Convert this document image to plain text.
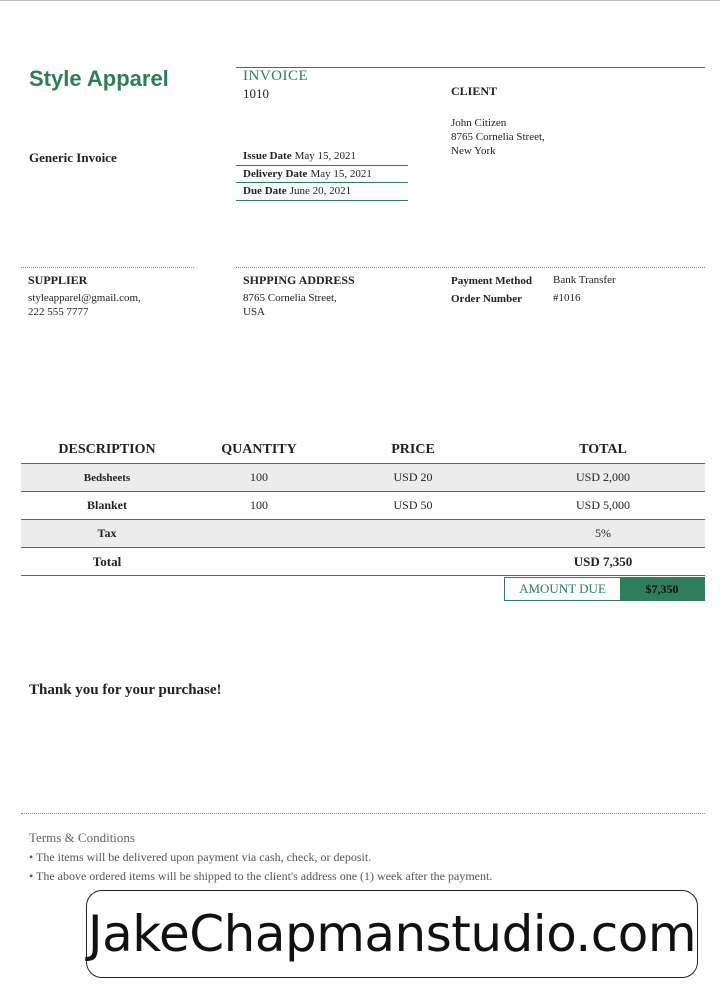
Style Apparel	INVOICE
1010	CLIENT
John Citizen
8765 Cornelia Street,
New York
Generic Invoice	Issue Date May 15, 2021
Delivery Date May 15, 2021
Due Date June 20, 2021
SUPPLIER
styleapparel@gmail.com,
222 555 7777
SHPPING ADDRESS
8765 Cornelia Street,
USA
Payment Method Bank Transfer
Order Number	#1016
DESCRIPTION	QUANTITY	PRICE	TOTAL
Bedsheets	100	USD 20	USD 2,000
Blanket	100	USD 50	USD 5,000
Tax			5%
Total			USD 7,350
AMOUNT DUE	$7,350
Thank you for your purchase!
Terms & Conditions
• The items will be delivered upon payment via cash, check, or deposit.
• The above ordered items will be shipped to the client's address one (1) week after the payment.
JakeChapmanstudio.com
